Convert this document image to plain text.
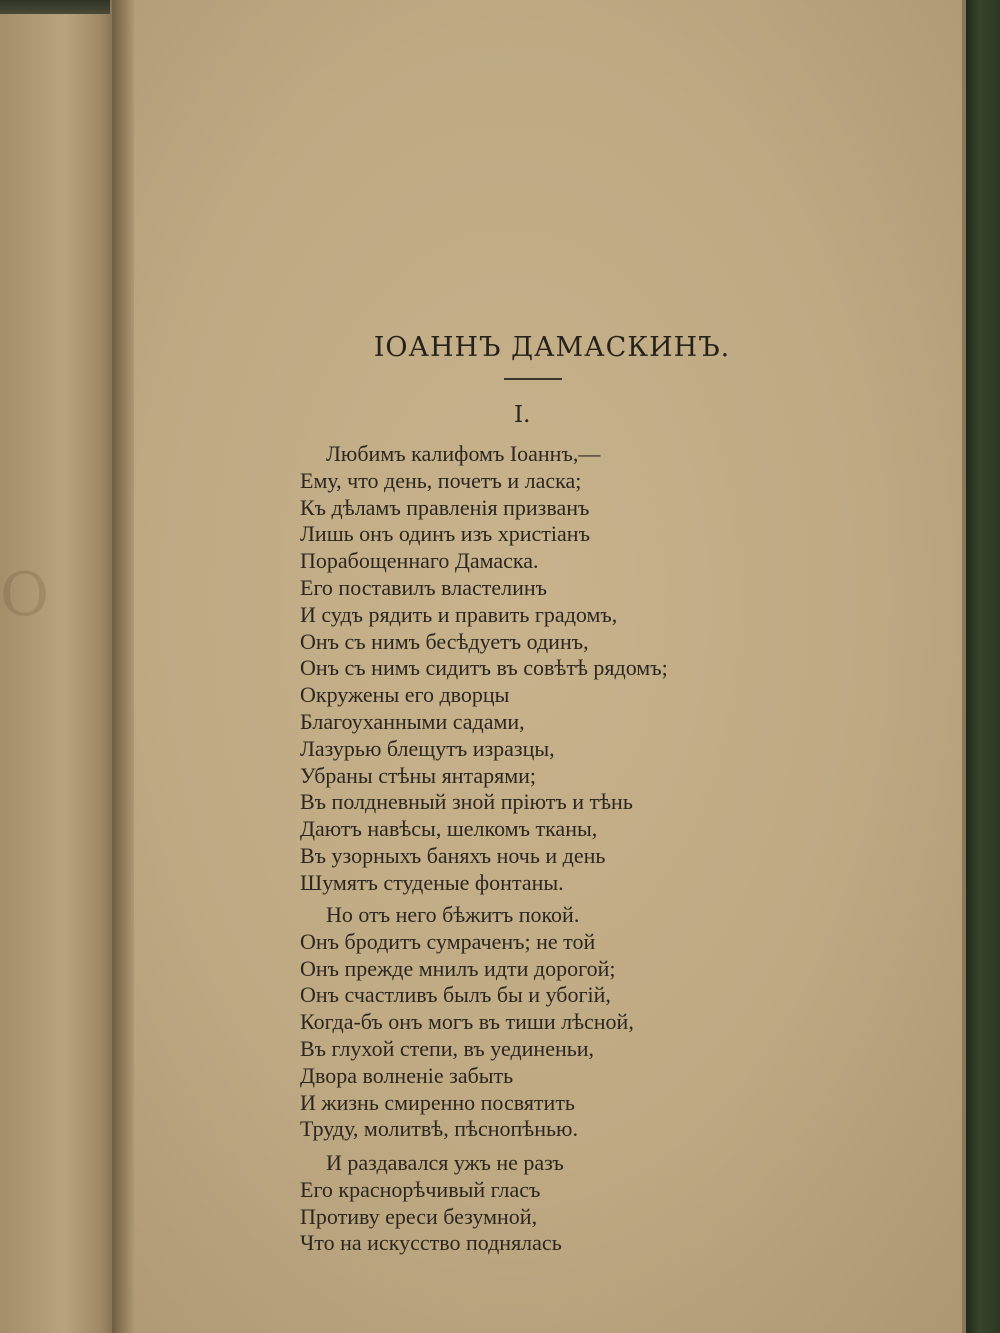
O
ІОАННЪ ДАМАСКИНЪ.
I.
Любимъ калифомъ Іоаннъ,—
Ему, что день, почетъ и ласка;
Къ дѣламъ правленія призванъ
Лишь онъ одинъ изъ христіанъ
Порабощеннаго Дамаска.
Его поставилъ властелинъ
И судъ рядить и править градомъ,
Онъ съ нимъ бесѣдуетъ одинъ,
Онъ съ нимъ сидитъ въ совѣтѣ рядомъ;
Окружены его дворцы
Благоуханными садами,
Лазурью блещутъ изразцы,
Убраны стѣны янтарями;
Въ полдневный зной пріютъ и тѣнь
Даютъ навѣсы, шелкомъ тканы,
Въ узорныхъ баняхъ ночь и день
Шумятъ студеные фонтаны.
Но отъ него бѣжитъ покой.
Онъ бродитъ сумраченъ; не той
Онъ прежде мнилъ идти дорогой;
Онъ счастливъ былъ бы и убогій,
Когда-бъ онъ могъ въ тиши лѣсной,
Въ глухой степи, въ уединеньи,
Двора волненіе забыть
И жизнь смиренно посвятить
Труду, молитвѣ, пѣснопѣнью.
И раздавался ужъ не разъ
Его краснорѣчивый гласъ
Противу ереси безумной,
Что на искусство поднялась
